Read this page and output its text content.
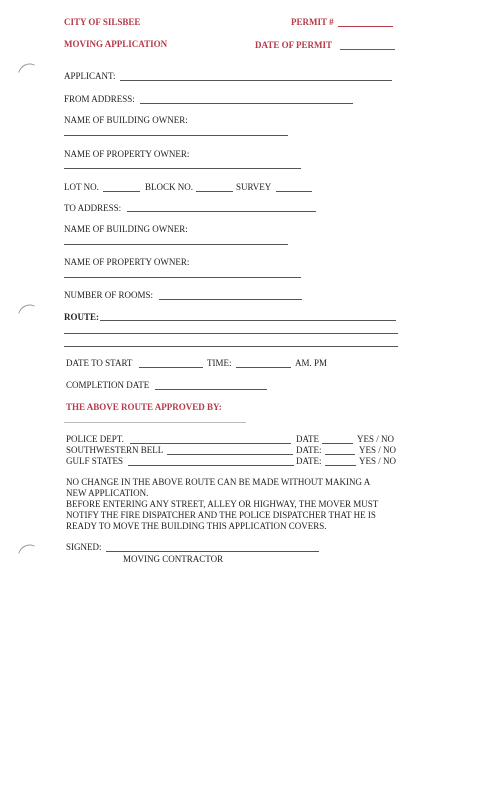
CITY OF SILSBEE	PERMIT #
MOVING APPLICATION	DATE OF PERMIT
APPLICANT:
FROM ADDRESS:
NAME OF BUILDING OWNER:
NAME OF PROPERTY OWNER:
LOT NO.	BLOCK NO.	SURVEY
TO ADDRESS:
NAME OF BUILDING OWNER:
NAME OF PROPERTY OWNER:
NUMBER OF ROOMS:
ROUTE:
DATE TO START	TIME:	AM. PM
COMPLETION DATE
THE ABOVE ROUTE APPROVED BY:
POLICE DEPT.	DATE	YES / NO
SOUTHWESTERN BELL	DATE:	YES / NO
GULF STATES	DATE:	YES / NO
NO CHANGE IN THE ABOVE ROUTE CAN BE MADE WITHOUT MAKING A
NEW APPLICATION.
BEFORE ENTERING ANY STREET, ALLEY OR HIGHWAY, THE MOVER MUST
NOTIFY THE FIRE DISPATCHER AND THE POLICE DISPATCHER THAT HE IS
READY TO MOVE THE BUILDING THIS APPLICATION COVERS.
SIGNED:
MOVING CONTRACTOR
